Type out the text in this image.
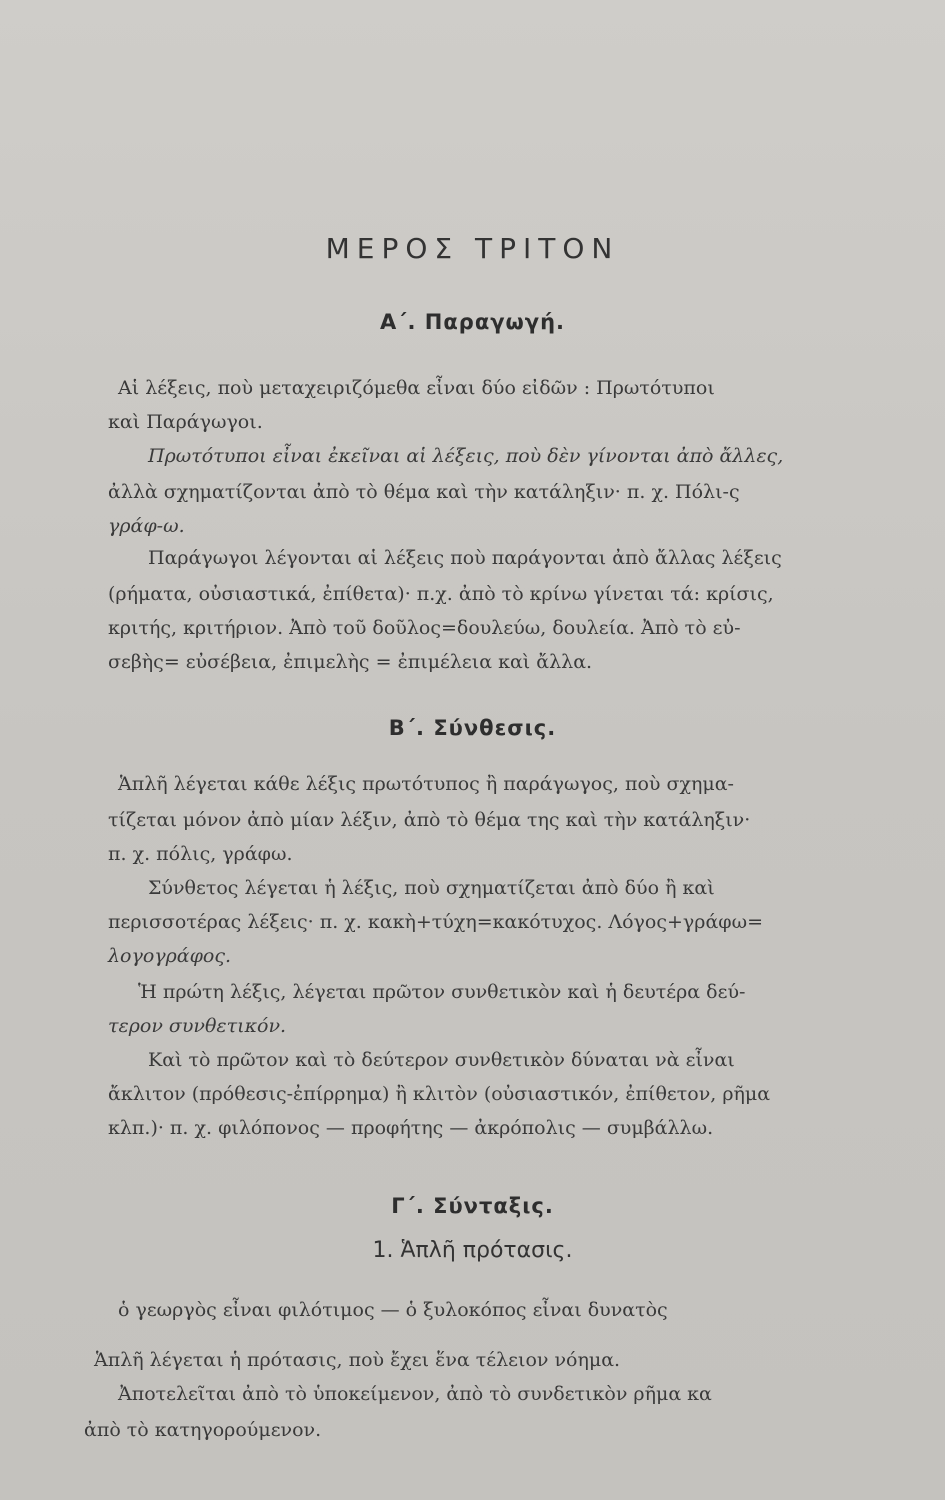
ΜΕΡΟΣ ΤΡΙΤΟΝ
Α΄. Παραγωγή.
Αἱ λέξεις, ποὺ μεταχειριζόμεθα εἶναι δύο εἰδῶν : Πρωτότυποι
καὶ Παράγωγοι.
Πρωτότυποι εἶναι ἐκεῖναι αἱ λέξεις, ποὺ δὲν γίνονται ἀπὸ ἄλλες,
ἀλλὰ σχηματίζονται ἀπὸ τὸ θέμα καὶ τὴν κατάληξιν· π. χ. Πόλι-ς
γράφ-ω.
Παράγωγοι λέγονται αἱ λέξεις ποὺ παράγονται ἀπὸ ἄλλας λέξεις
(ρήματα, οὐσιαστικά, ἐπίθετα)· π.χ. ἀπὸ τὸ κρίνω γίνεται τά: κρίσις,
κριτής, κριτήριον. Ἀπὸ τοῦ δοῦλος=δουλεύω, δουλεία. Ἀπὸ τὸ εὐ-
σεβὴς= εὐσέβεια, ἐπιμελὴς = ἐπιμέλεια καὶ ἄλλα.
Β΄. Σύνθεσις.
Ἁπλῆ λέγεται κάθε λέξις πρωτότυπος ἢ παράγωγος, ποὺ σχημα-
τίζεται μόνον ἀπὸ μίαν λέξιν, ἀπὸ τὸ θέμα της καὶ τὴν κατάληξιν·
π. χ. πόλις, γράφω.
Σύνθετος λέγεται ἡ λέξις, ποὺ σχηματίζεται ἀπὸ δύο ἢ καὶ
περισσοτέρας λέξεις· π. χ. κακὴ+τύχη=κακότυχος. Λόγος+γράφω=
λογογράφος.
Ἡ πρώτη λέξις, λέγεται πρῶτον συνθετικὸν καὶ ἡ δευτέρα δεύ-
τερον συνθετικόν.
Καὶ τὸ πρῶτον καὶ τὸ δεύτερον συνθετικὸν δύναται νὰ εἶναι
ἄκλιτον (πρόθεσις-ἐπίρρημα) ἢ κλιτὸν (οὐσιαστικόν, ἐπίθετον, ρῆμα
κλπ.)· π. χ. φιλόπονος — προφήτης — ἀκρόπολις — συμβάλλω.
Γ΄. Σύνταξις.
1. Ἁπλῆ πρότασις.
ὁ γεωργὸς εἶναι φιλότιμος — ὁ ξυλοκόπος εἶναι δυνατὸς
Ἁπλῆ λέγεται ἡ πρότασις, ποὺ ἔχει ἕνα τέλειον νόημα.
Ἀποτελεῖται ἀπὸ τὸ ὑποκείμενον, ἀπὸ τὸ συνδετικὸν ρῆμα κα
ἀπὸ τὸ κατηγορούμενον.
